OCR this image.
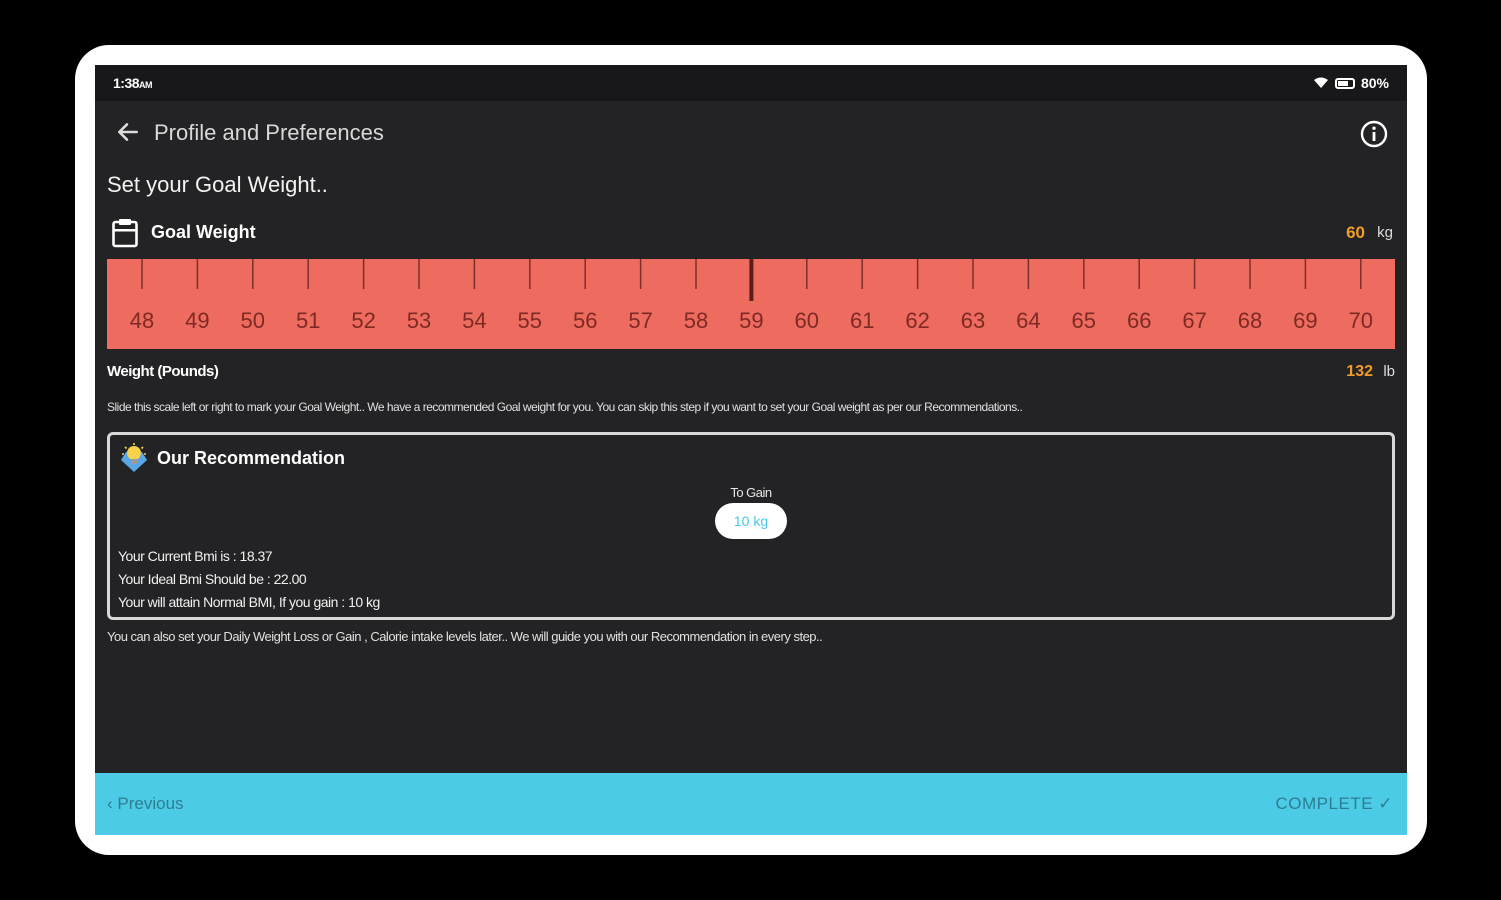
1:38AM	80%
Profile and Preferences
Set your Goal Weight..
Goal Weight	60 kg
48 49 50 51 52 53 54 55 56 57 58 59 60 61 62 63 64 65 66 67 68 69 70
Weight (Pounds)	132 lb
Slide this scale left or right to mark your Goal Weight.. We have a recommended Goal weight for you. You can skip this step if you want to set your Goal weight as per our Recommendations..
Our Recommendation
To Gain
10 kg
Your Current Bmi is : 18.37
Your Ideal Bmi Should be : 22.00
Your will attain Normal BMI, If you gain : 10 kg
You can also set your Daily Weight Loss or Gain , Calorie intake levels later.. We will guide you with our Recommendation in every step..
‹ Previous	COMPLETE ✓
